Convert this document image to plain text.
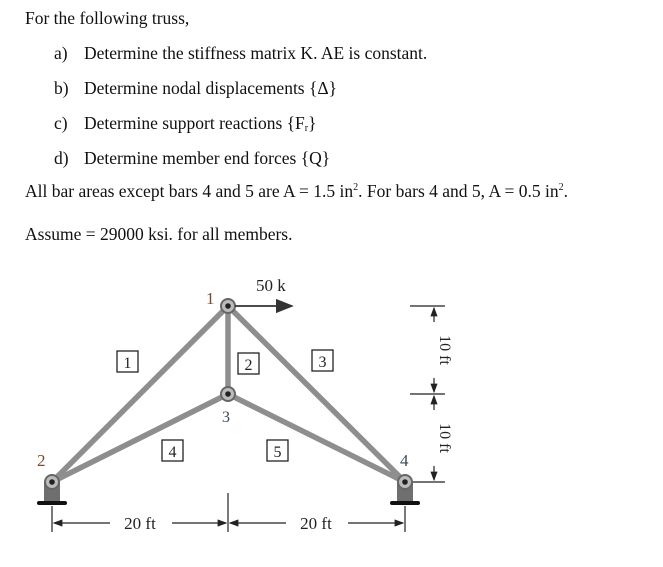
For the following truss,
a) Determine the stiffness matrix K. AE is constant.
b) Determine nodal displacements {Δ}
c) Determine support reactions $\{F_r\}$
d) Determine member end forces {Q}
All bar areas except bars 4 and 5 are A = 1.5 $in^2$. For bars 4 and 5, A = 0.5 $in^2$.
Assume = 29000 ksi. for all members.
1
2
3
4
50 k
1	2	3
4	5
20 ft	20 ft
10 ft
10 ft
